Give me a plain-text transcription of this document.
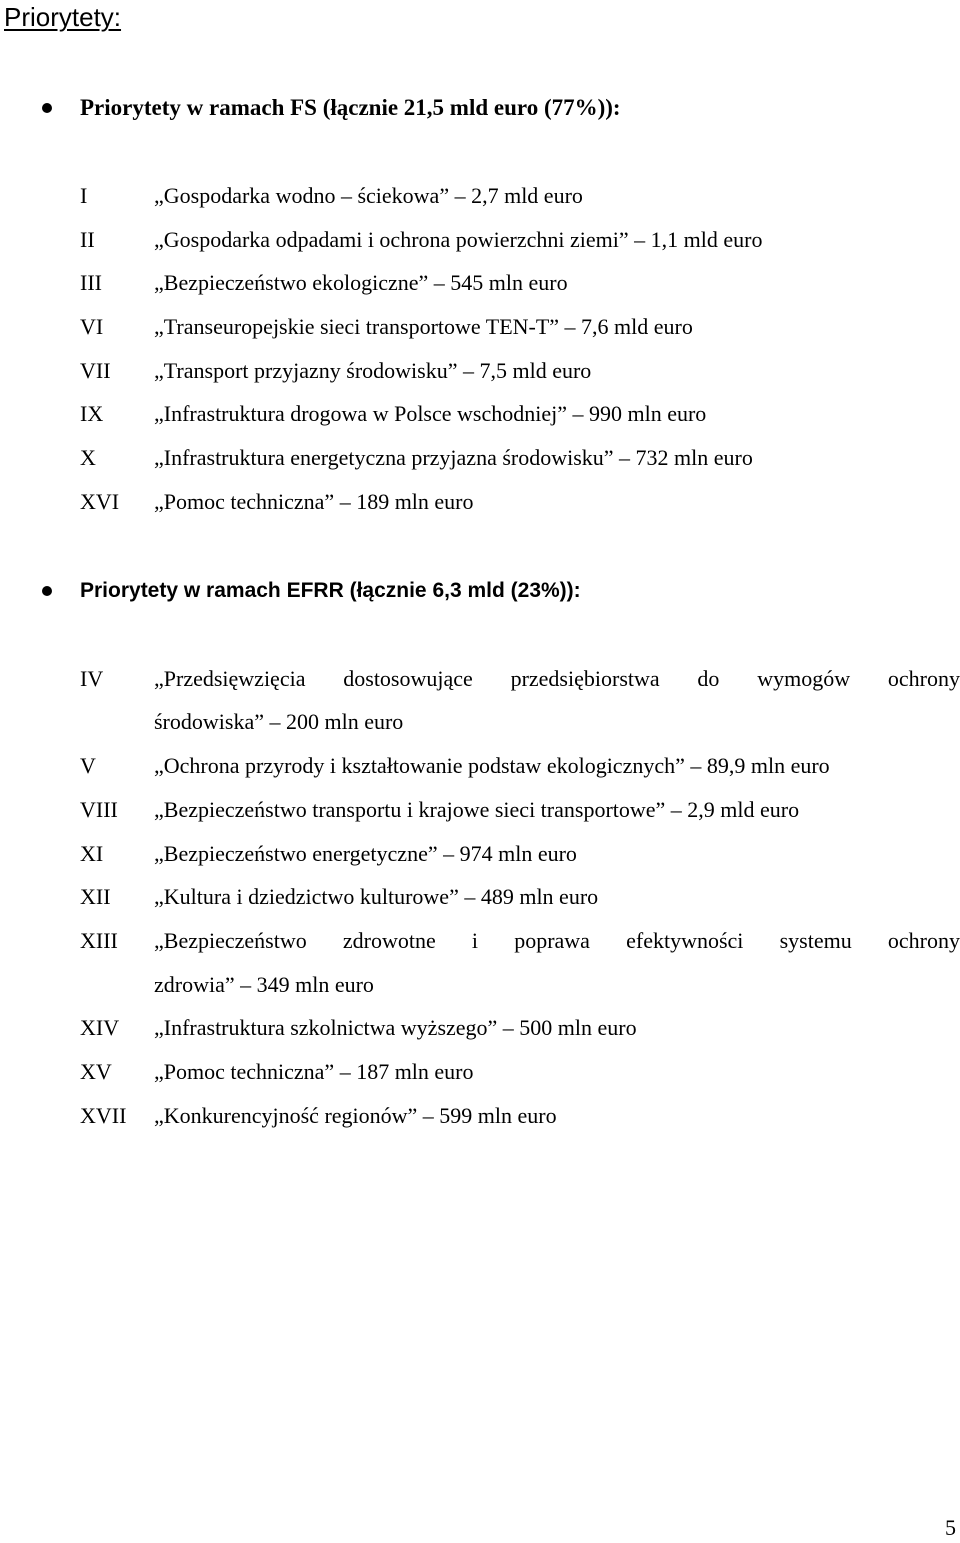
Priorytety:
Priorytety w ramach FS (łącznie 21,5 mld euro (77%)):
I	„Gospodarka wodno – ściekowa” – 2,7 mld euro
II	„Gospodarka odpadami i ochrona powierzchni ziemi” – 1,1 mld euro
III „Bezpieczeństwo ekologiczne” – 545 mln euro
VI „Transeuropejskie sieci transportowe TEN-T” – 7,6 mld euro
VII „Transport przyjazny środowisku” – 7,5 mld euro
IX „Infrastruktura drogowa w Polsce wschodniej” – 990 mln euro
X	„Infrastruktura energetyczna przyjazna środowisku” – 732 mln euro
XVI „Pomoc techniczna” – 189 mln euro
Priorytety w ramach EFRR (łącznie 6,3 mld (23%)):
IV „Przedsięwzięcia dostosowujące przedsiębiorstwa do wymogów ochrony
środowiska” – 200 mln euro
V	„Ochrona przyrody i kształtowanie podstaw ekologicznych” – 89,9 mln euro
VIII „Bezpieczeństwo transportu i krajowe sieci transportowe” – 2,9 mld euro
XI „Bezpieczeństwo energetyczne” – 974 mln euro
XII „Kultura i dziedzictwo kulturowe” – 489 mln euro
XIII „Bezpieczeństwo zdrowotne i poprawa efektywności systemu ochrony
zdrowia” – 349 mln euro
XIV „Infrastruktura szkolnictwa wyższego” – 500 mln euro
XV „Pomoc techniczna” – 187 mln euro
XVII „Konkurencyjność regionów” – 599 mln euro
5
